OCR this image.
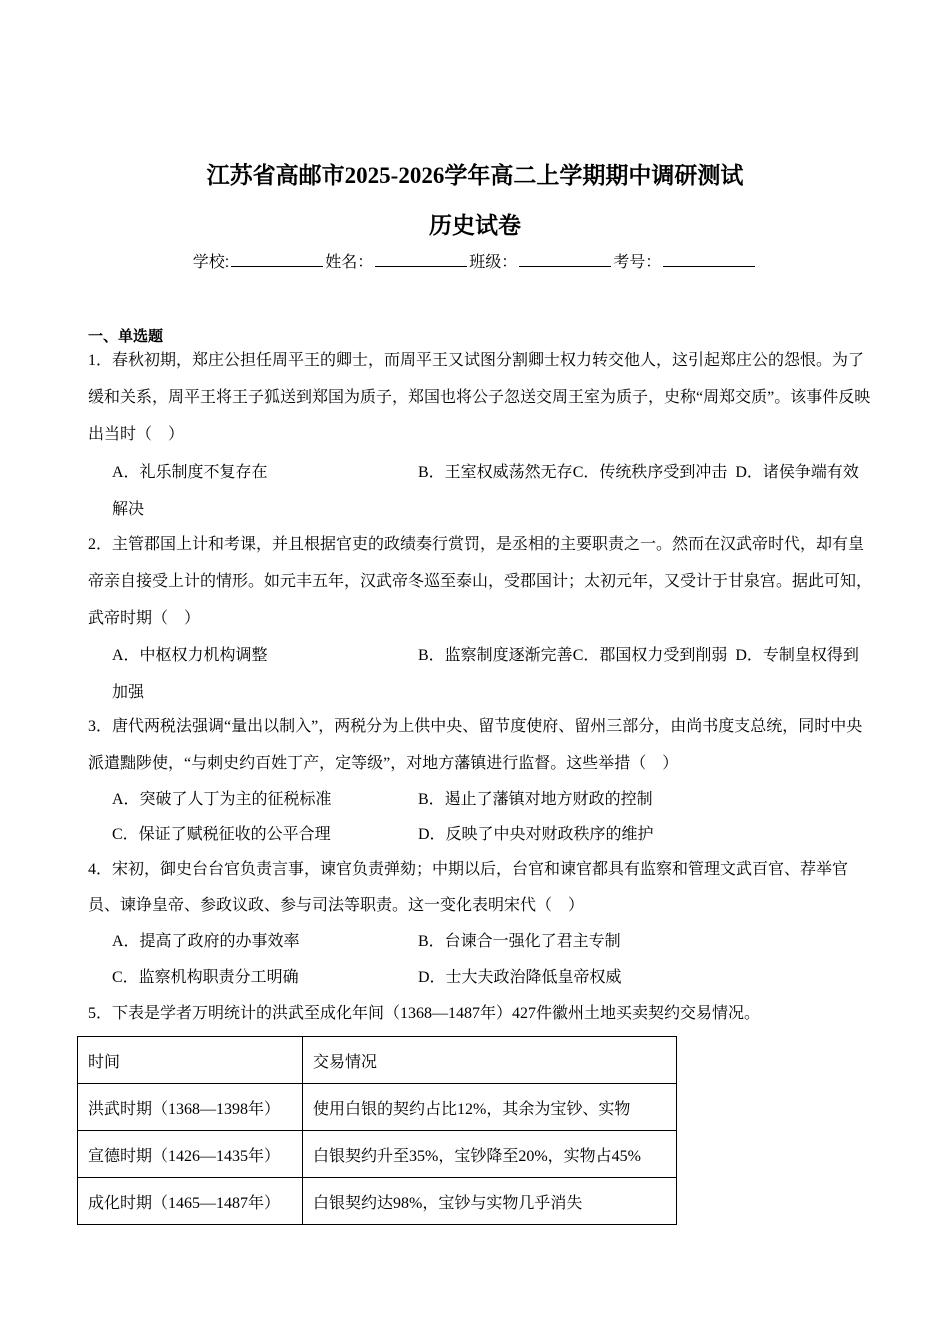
江苏省高邮市2025-2026学年高二上学期期中调研测试
历史试卷
学校:	姓名：	班级：	考号：
一、单选题
1．春秋初期，郑庄公担任周平王的卿士，而周平王又试图分割卿士权力转交他人，这引起郑庄公的怨恨。为了缓和关系，周平王将王子狐送到郑国为质子，郑国也将公子忽送交周王室为质子，史称“周郑交质”。该事件反映出当时（　）
A．礼乐制度不复存在	B．王室权威荡然无存C．传统秩序受到冲击 D．诸侯争端有效解决
2．主管郡国上计和考课，并且根据官吏的政绩奏行赏罚，是丞相的主要职责之一。然而在汉武帝时代，却有皇帝亲自接受上计的情形。如元丰五年，汉武帝冬巡至泰山，受郡国计；太初元年，又受计于甘泉宫。据此可知，武帝时期（　）
A．中枢权力机构调整	B．监察制度逐渐完善C．郡国权力受到削弱 D．专制皇权得到加强
3．唐代两税法强调“量出以制入”，两税分为上供中央、留节度使府、留州三部分，由尚书度支总统，同时中央派遣黜陟使，“与刺史约百姓丁产，定等级”，对地方藩镇进行监督。这些举措（　）
A．突破了人丁为主的征税标准	B．遏止了藩镇对地方财政的控制
C．保证了赋税征收的公平合理	D．反映了中央对财政秩序的维护
4．宋初，御史台台官负责言事，谏官负责弹劾；中期以后，台官和谏官都具有监察和管理文武百官、荐举官员、谏诤皇帝、参政议政、参与司法等职责。这一变化表明宋代（　）
A．提高了政府的办事效率	B．台谏合一强化了君主专制
C．监察机构职责分工明确	D．士大夫政治降低皇帝权威
5．下表是学者万明统计的洪武至成化年间（1368—1487年）427件徽州土地买卖契约交易情况。
时间	交易情况
洪武时期（1368—1398年）	使用白银的契约占比12%，其余为宝钞、实物
宣德时期（1426—1435年）	白银契约升至35%，宝钞降至20%，实物占45%
成化时期（1465—1487年）	白银契约达98%，宝钞与实物几乎消失
